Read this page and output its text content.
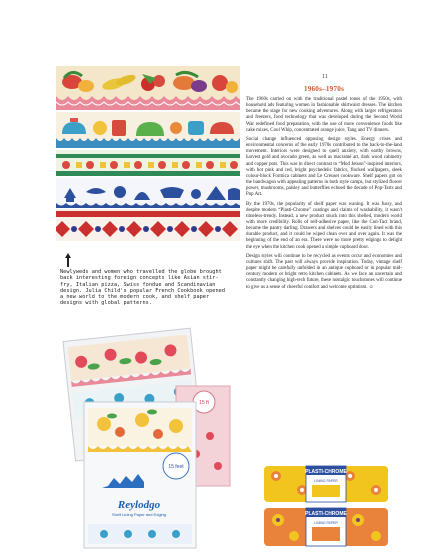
Newlyweds and women who travelled the globe brought back interesting foreign concepts like Asian stir-fry, Italian pizza, Swiss fondue and Scandinavian design. Julia Child's popular French Cookbook opened a new world to the modern cook, and shelf paper designs with global patterns.
15 ft
15 feet
Reylodgo
Shelf Lining Paper and Edging
11
1960s–1970s

The 1960s carried on with the traditional pastel tones of the 1950s, with household ads featuring women in fashionable shirtwaist dresses. The kitchen became the stage for new cooking adventures. Along with larger refrigerators and freezers, food technology that was developed during the Second World War redefined food preparation, with the use of more convenience foods like cake mixes, Cool Whip, concentrated orange juice, Tang and TV dinners.

Social change influenced opposing design styles. Energy crises and environmental concerns of the early 1970s contributed to the back-to-the-land movement. Interiors were designed to quell anxiety, with earthy browns, harvest gold and avocado green, as well as macramé art, dark wood cabinetry and copper pots. This was in direct contrast to “Mod Jetson”-inspired interiors, with hot pink and red, bright psychedelic fabrics, flocked wallpapers, sleek colour-block Formica cabinets and Le Creuset cookware. Shelf papers got on the bandwagon with appealing patterns in both style camps, but stylized flower power, mushrooms, paisley and butterflies echoed the decade of Pop-Tarts and Pop Art.

By the 1970s, the popularity of shelf paper was waning. It was fussy, and despite modern “Plasti-Chrome” coatings and claims of washability, it wasn't timeless-trendy. Instead, a new product snuck into this shelled, modern world with more credibility. Rolls of self-adhesive paper, like the Con-Tact brand, became the pantry darling. Drawers and shelves could be easily lined with this durable product, and it could be wiped clean over and over again. It was the beginning of the end of an era. There were no more pretty edgings to delight the eye when the kitchen cook opened a simple cupboard door.

Design styles will continue to be recycled as events occur and economies and cultures shift. The past will always provide inspiration. Today, vintage shelf paper might be carefully unfolded in an antique cupboard or in popular mid-century modern or bright retro kitchen cabinets. As we face an uncertain and constantly changing high-tech future, these nostalgic touchstones will continue to give us a sense of cheerful comfort and welcome optimism. ☺

PLASTI-CHROME
LINING PAPER
PLASTI-CHROME
LINING PAPER
